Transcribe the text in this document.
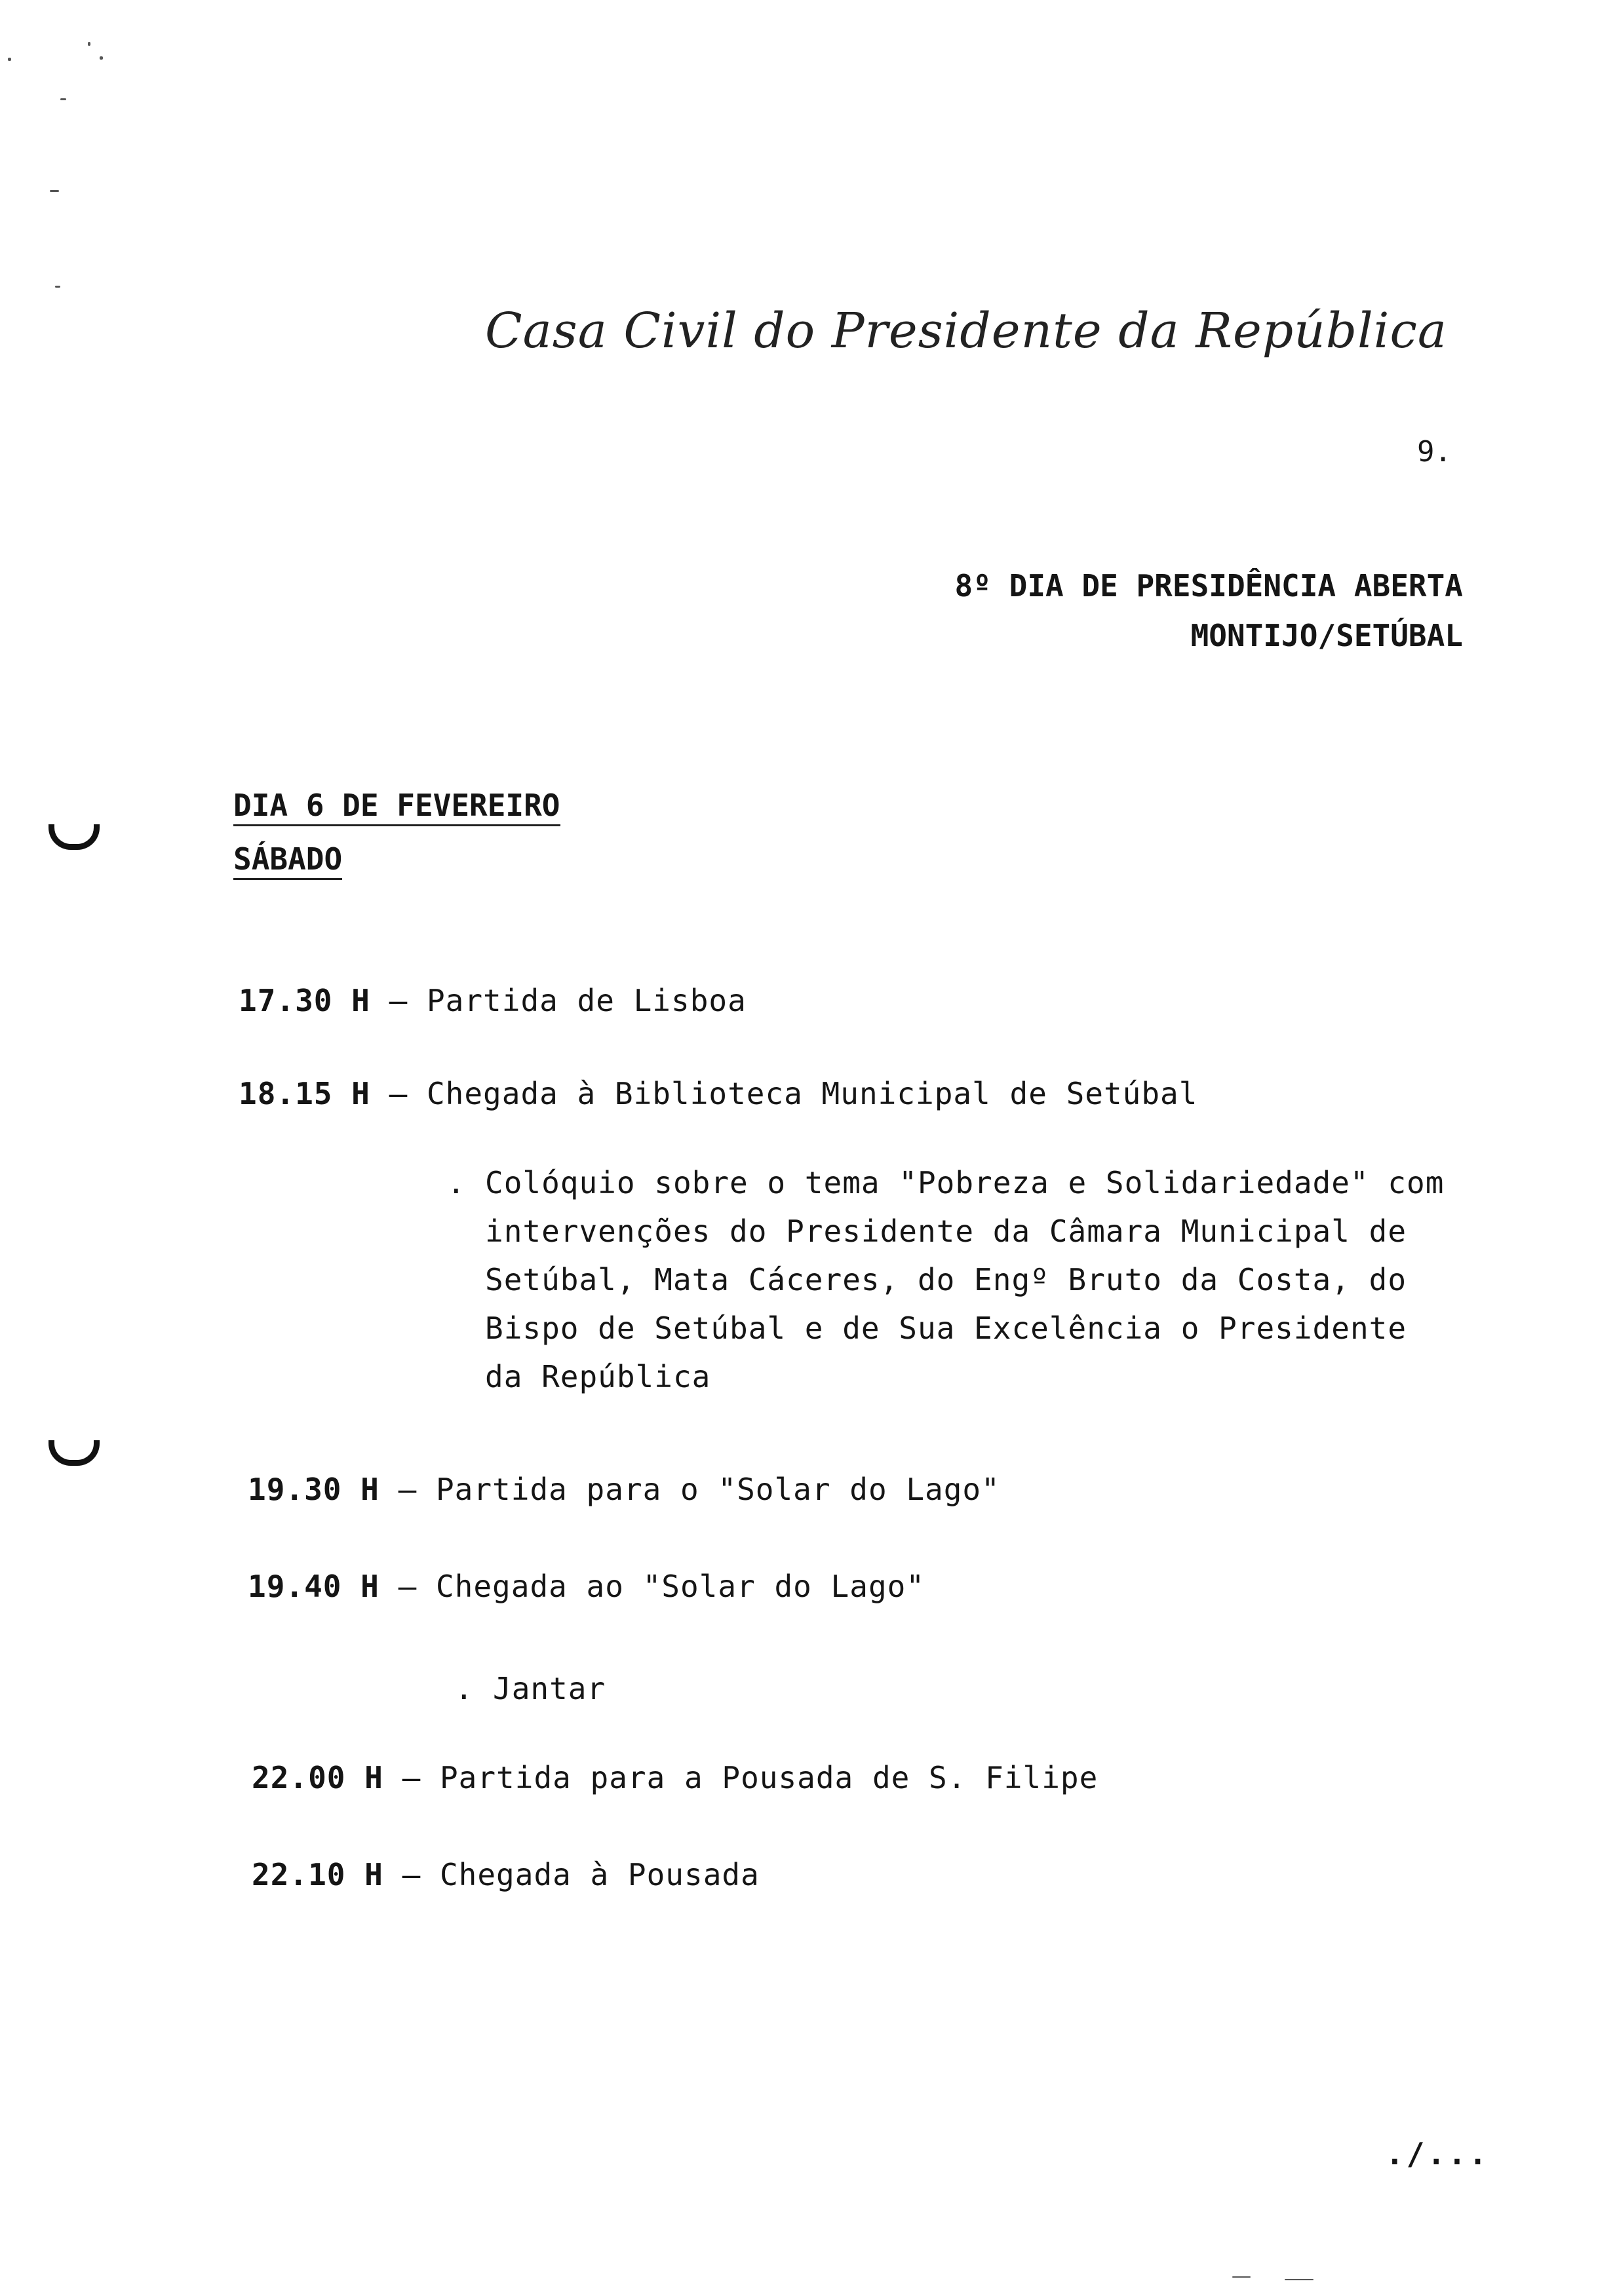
Casa Civil do Presidente da República
9.
8º DIA DE PRESIDÊNCIA ABERTA
MONTIJO/SETÚBAL
DIA 6 DE FEVEREIRO
SÁBADO
17.30 H – Partida de Lisboa
18.15 H – Chegada à Biblioteca Municipal de Setúbal
. Colóquio sobre o tema "Pobreza e Solidariedade" com
intervenções do Presidente da Câmara Municipal de
Setúbal, Mata Cáceres, do Engº Bruto da Costa, do
Bispo de Setúbal e de Sua Excelência o Presidente
da República
19.30 H – Partida para o "Solar do Lago"
19.40 H – Chegada ao "Solar do Lago"
. Jantar
22.00 H – Partida para a Pousada de S. Filipe
22.10 H – Chegada à Pousada
./...
